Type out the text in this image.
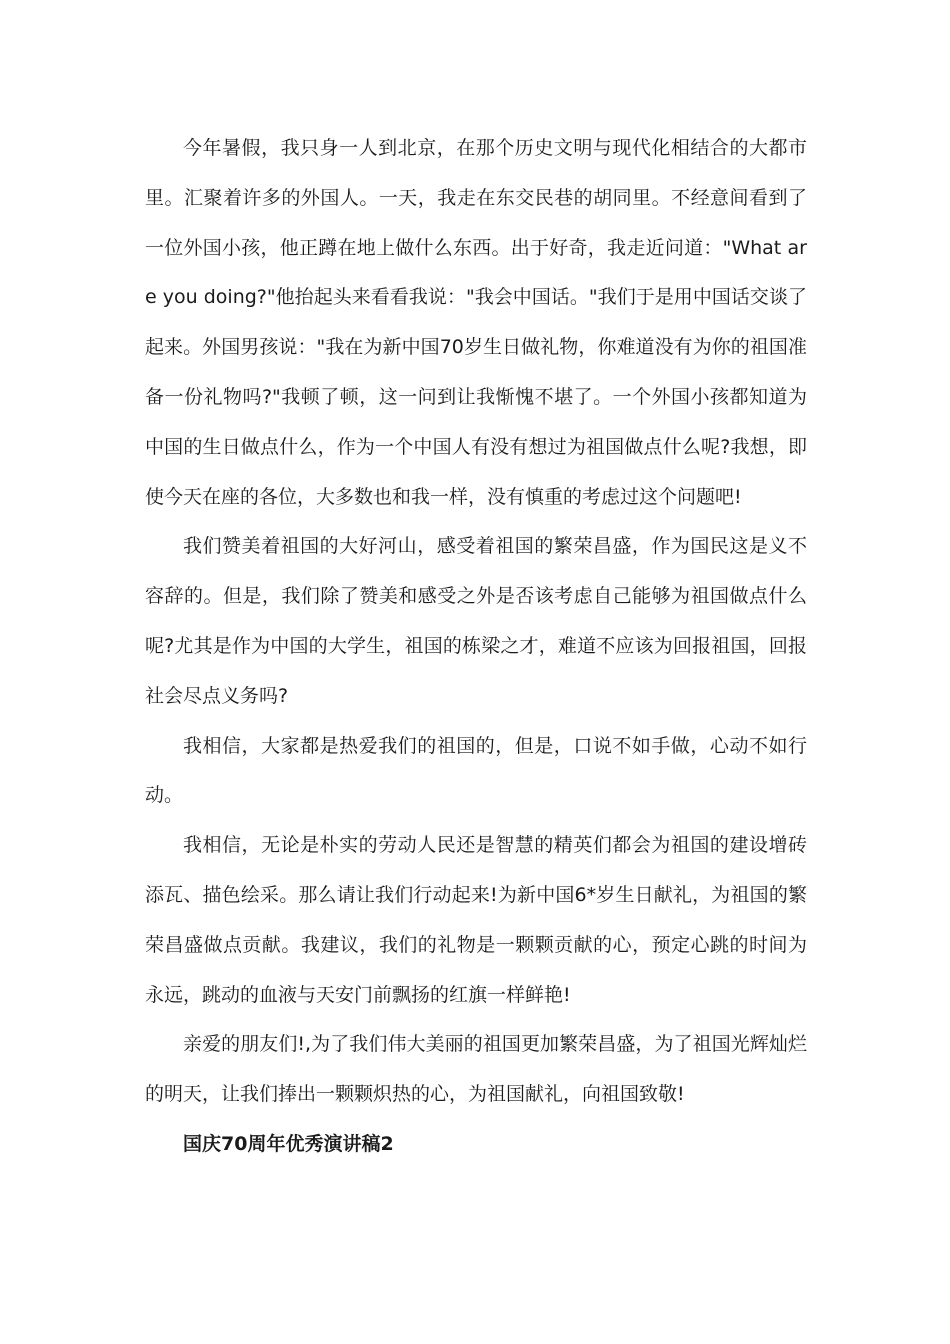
今年暑假，我只身一人到北京，在那个历史文明与现代化相结合的大都市里。汇聚着许多的外国人。一天，我走在东交民巷的胡同里。不经意间看到了一位外国小孩，他正蹲在地上做什么东西。出于好奇，我走近问道："What are you doing?"他抬起头来看看我说："我会中国话。"我们于是用中国话交谈了起来。外国男孩说："我在为新中国70岁生日做礼物，你难道没有为你的祖国准备一份礼物吗?"我顿了顿，这一问到让我惭愧不堪了。一个外国小孩都知道为中国的生日做点什么，作为一个中国人有没有想过为祖国做点什么呢?我想，即使今天在座的各位，大多数也和我一样，没有慎重的考虑过这个问题吧!

我们赞美着祖国的大好河山，感受着祖国的繁荣昌盛，作为国民这是义不容辞的。但是，我们除了赞美和感受之外是否该考虑自己能够为祖国做点什么呢?尤其是作为中国的大学生，祖国的栋梁之才，难道不应该为回报祖国，回报社会尽点义务吗?

我相信，大家都是热爱我们的祖国的，但是，口说不如手做，心动不如行动。

我相信，无论是朴实的劳动人民还是智慧的精英们都会为祖国的建设增砖添瓦、描色绘采。那么请让我们行动起来!为新中国6*岁生日献礼，为祖国的繁荣昌盛做点贡献。我建议，我们的礼物是一颗颗贡献的心，预定心跳的时间为永远，跳动的血液与天安门前飘扬的红旗一样鲜艳!

亲爱的朋友们!,为了我们伟大美丽的祖国更加繁荣昌盛，为了祖国光辉灿烂的明天，让我们捧出一颗颗炽热的心，为祖国献礼，向祖国致敬!

国庆70周年优秀演讲稿2
